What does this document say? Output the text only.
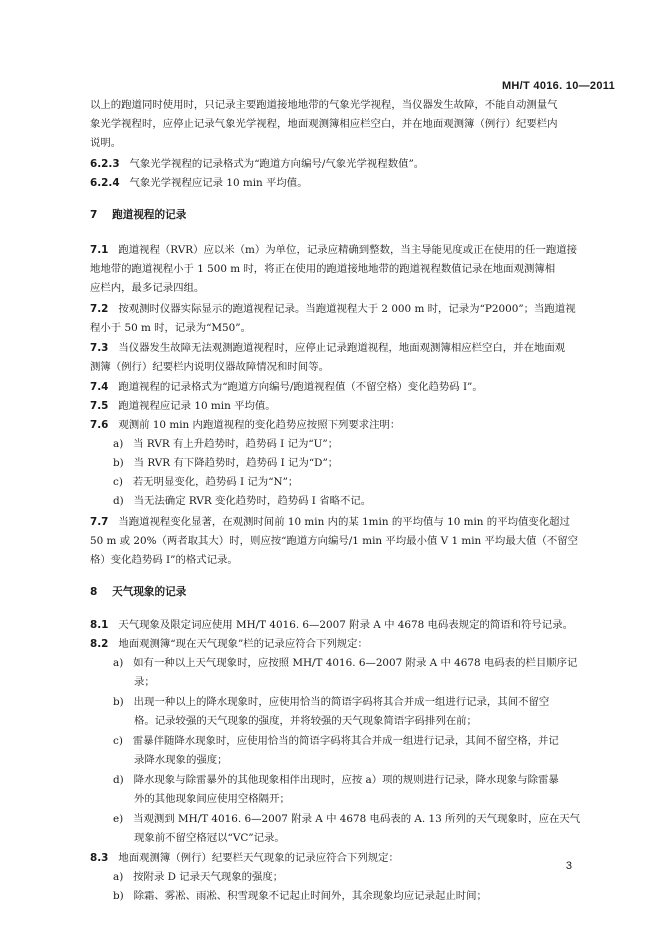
MH/T 4016. 10—2011
以上的跑道同时使用时，只记录主要跑道接地地带的气象光学视程，当仪器发生故障，不能自动测量气
象光学视程时，应停止记录气象光学视程，地面观测簿相应栏空白，并在地面观测簿（例行）纪要栏内
说明。
6.2.3 气象光学视程的记录格式为“跑道方向编号/气象光学视程数值”。
6.2.4 气象光学视程应记录 10 min 平均值。
7 跑道视程的记录
7.1 跑道视程（RVR）应以米（m）为单位，记录应精确到整数，当主导能见度或正在使用的任一跑道接
地地带的跑道视程小于 1 500 m 时，将正在使用的跑道接地地带的跑道视程数值记录在地面观测簿相
应栏内，最多记录四组。
7.2 按观测时仪器实际显示的跑道视程记录。当跑道视程大于 2 000 m 时，记录为“P2000”；当跑道视
程小于 50 m 时，记录为“M50”。
7.3 当仪器发生故障无法观测跑道视程时，应停止记录跑道视程，地面观测簿相应栏空白，并在地面观
测簿（例行）纪要栏内说明仪器故障情况和时间等。
7.4 跑道视程的记录格式为“跑道方向编号/跑道视程值（不留空格）变化趋势码 I”。
7.5 跑道视程应记录 10 min 平均值。
7.6 观测前 10 min 内跑道视程的变化趋势应按照下列要求注明：
a) 当 RVR 有上升趋势时，趋势码 I 记为“U”；
b) 当 RVR 有下降趋势时，趋势码 I 记为“D”；
c) 若无明显变化，趋势码 I 记为“N”；
d) 当无法确定 RVR 变化趋势时，趋势码 I 省略不记。
7.7 当跑道视程变化显著，在观测时间前 10 min 内的某 1min 的平均值与 10 min 的平均值变化超过
50 m 或 20%（两者取其大）时，则应按“跑道方向编号/1 min 平均最小值 V 1 min 平均最大值（不留空
格）变化趋势码 I”的格式记录。
8 天气现象的记录
8.1 天气现象及限定词应使用 MH/T 4016. 6—2007 附录 A 中 4678 电码表规定的简语和符号记录。
8.2 地面观测簿“现在天气现象”栏的记录应符合下列规定：
a) 如有一种以上天气现象时，应按照 MH/T 4016. 6—2007 附录 A 中 4678 电码表的栏目顺序记
录；
b) 出现一种以上的降水现象时，应使用恰当的简语字码将其合并成一组进行记录，其间不留空
格。记录较强的天气现象的强度，并将较强的天气现象简语字码排列在前；
c) 雷暴伴随降水现象时，应使用恰当的简语字码将其合并成一组进行记录，其间不留空格，并记
录降水现象的强度；
d) 降水现象与除雷暴外的其他现象相伴出现时，应按 a）项的规则进行记录，降水现象与除雷暴
外的其他现象间应使用空格隔开；
e) 当观测到 MH/T 4016. 6—2007 附录 A 中 4678 电码表的 A. 13 所列的天气现象时，应在天气
现象前不留空格冠以“VC”记录。
8.3 地面观测簿（例行）纪要栏天气现象的记录应符合下列规定：
a) 按附录 D 记录天气现象的强度；
b) 除霜、雾凇、雨凇、积雪现象不记起止时间外，其余现象均应记录起止时间；
3
